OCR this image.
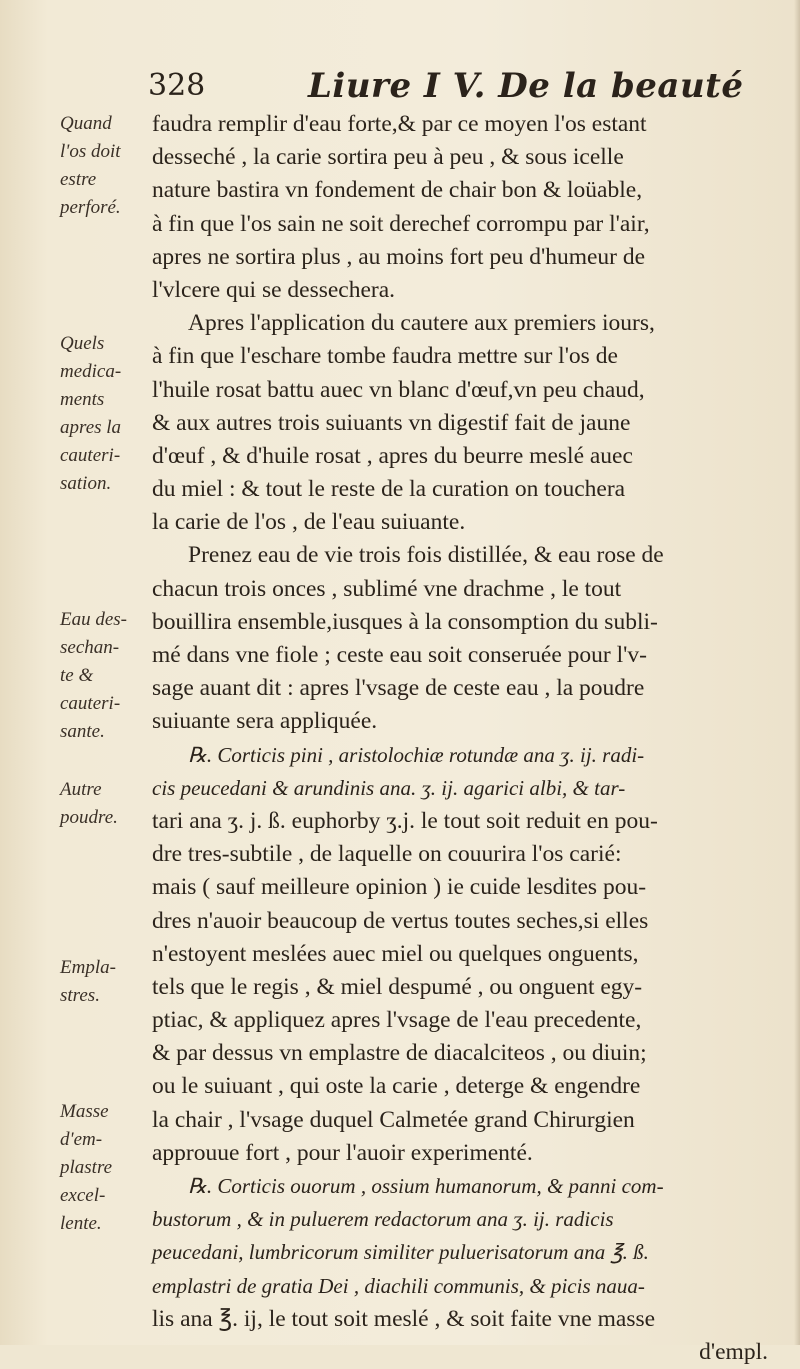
328	Liure I V. De la beauté
Quand
l'os doit
estre
perforé.
Quels
medica-
ments
apres la
cauteri-
sation.
Eau des-
sechan-
te &
cauteri-
sante.
Autre
poudre.
Empla-
stres.
Masse
d'em-
plastre
excel-
lente.
faudra remplir d'eau forte,& par ce moyen l'os estant
desseché , la carie sortira peu à peu , & sous icelle
nature bastira vn fondement de chair bon & loüable,
à fin que l'os sain ne soit derechef corrompu par l'air,
apres ne sortira plus , au moins fort peu d'humeur de
l'vlcere qui se dessechera.
Apres l'application du cautere aux premiers iours,
à fin que l'eschare tombe faudra mettre sur l'os de
l'huile rosat battu auec vn blanc d'œuf,vn peu chaud,
& aux autres trois suiuants vn digestif fait de jaune
d'œuf , & d'huile rosat , apres du beurre meslé auec
du miel : & tout le reste de la curation on touchera
la carie de l'os , de l'eau suiuante.
Prenez eau de vie trois fois distillée, & eau rose de
chacun trois onces , sublimé vne drachme , le tout
bouillira ensemble,iusques à la consomption du subli-
mé dans vne fiole ; ceste eau soit conseruée pour l'v-
sage auant dit : apres l'vsage de ceste eau , la poudre
suiuante sera appliquée.
℞. Corticis pini , aristolochiæ rotundæ ana ʒ. ij. radi-
cis peucedani & arundinis ana. ʒ. ij. agarici albi, & tar-
tari ana ʒ. j. ß. euphorby ʒ.j. le tout soit reduit en pou-
dre tres-subtile , de laquelle on couurira l'os carié:
mais ( sauf meilleure opinion ) ie cuide lesdites pou-
dres n'auoir beaucoup de vertus toutes seches,si elles
n'estoyent meslées auec miel ou quelques onguents,
tels que le regis , & miel despumé , ou onguent egy-
ptiac, & appliquez apres l'vsage de l'eau precedente,
& par dessus vn emplastre de diacalciteos , ou diuin;
ou le suiuant , qui oste la carie , deterge & engendre
la chair , l'vsage duquel Calmetée grand Chirurgien
approuue fort , pour l'auoir experimenté.
℞. Corticis ouorum , ossium humanorum, & panni com-
bustorum , & in puluerem redactorum ana ʒ. ij. radicis
peucedani, lumbricorum similiter puluerisatorum ana ℥. ß.
emplastri de gratia Dei , diachili communis, & picis naua-
lis ana ℥. ij, le tout soit meslé , & soit faite vne masse
d'empl.
